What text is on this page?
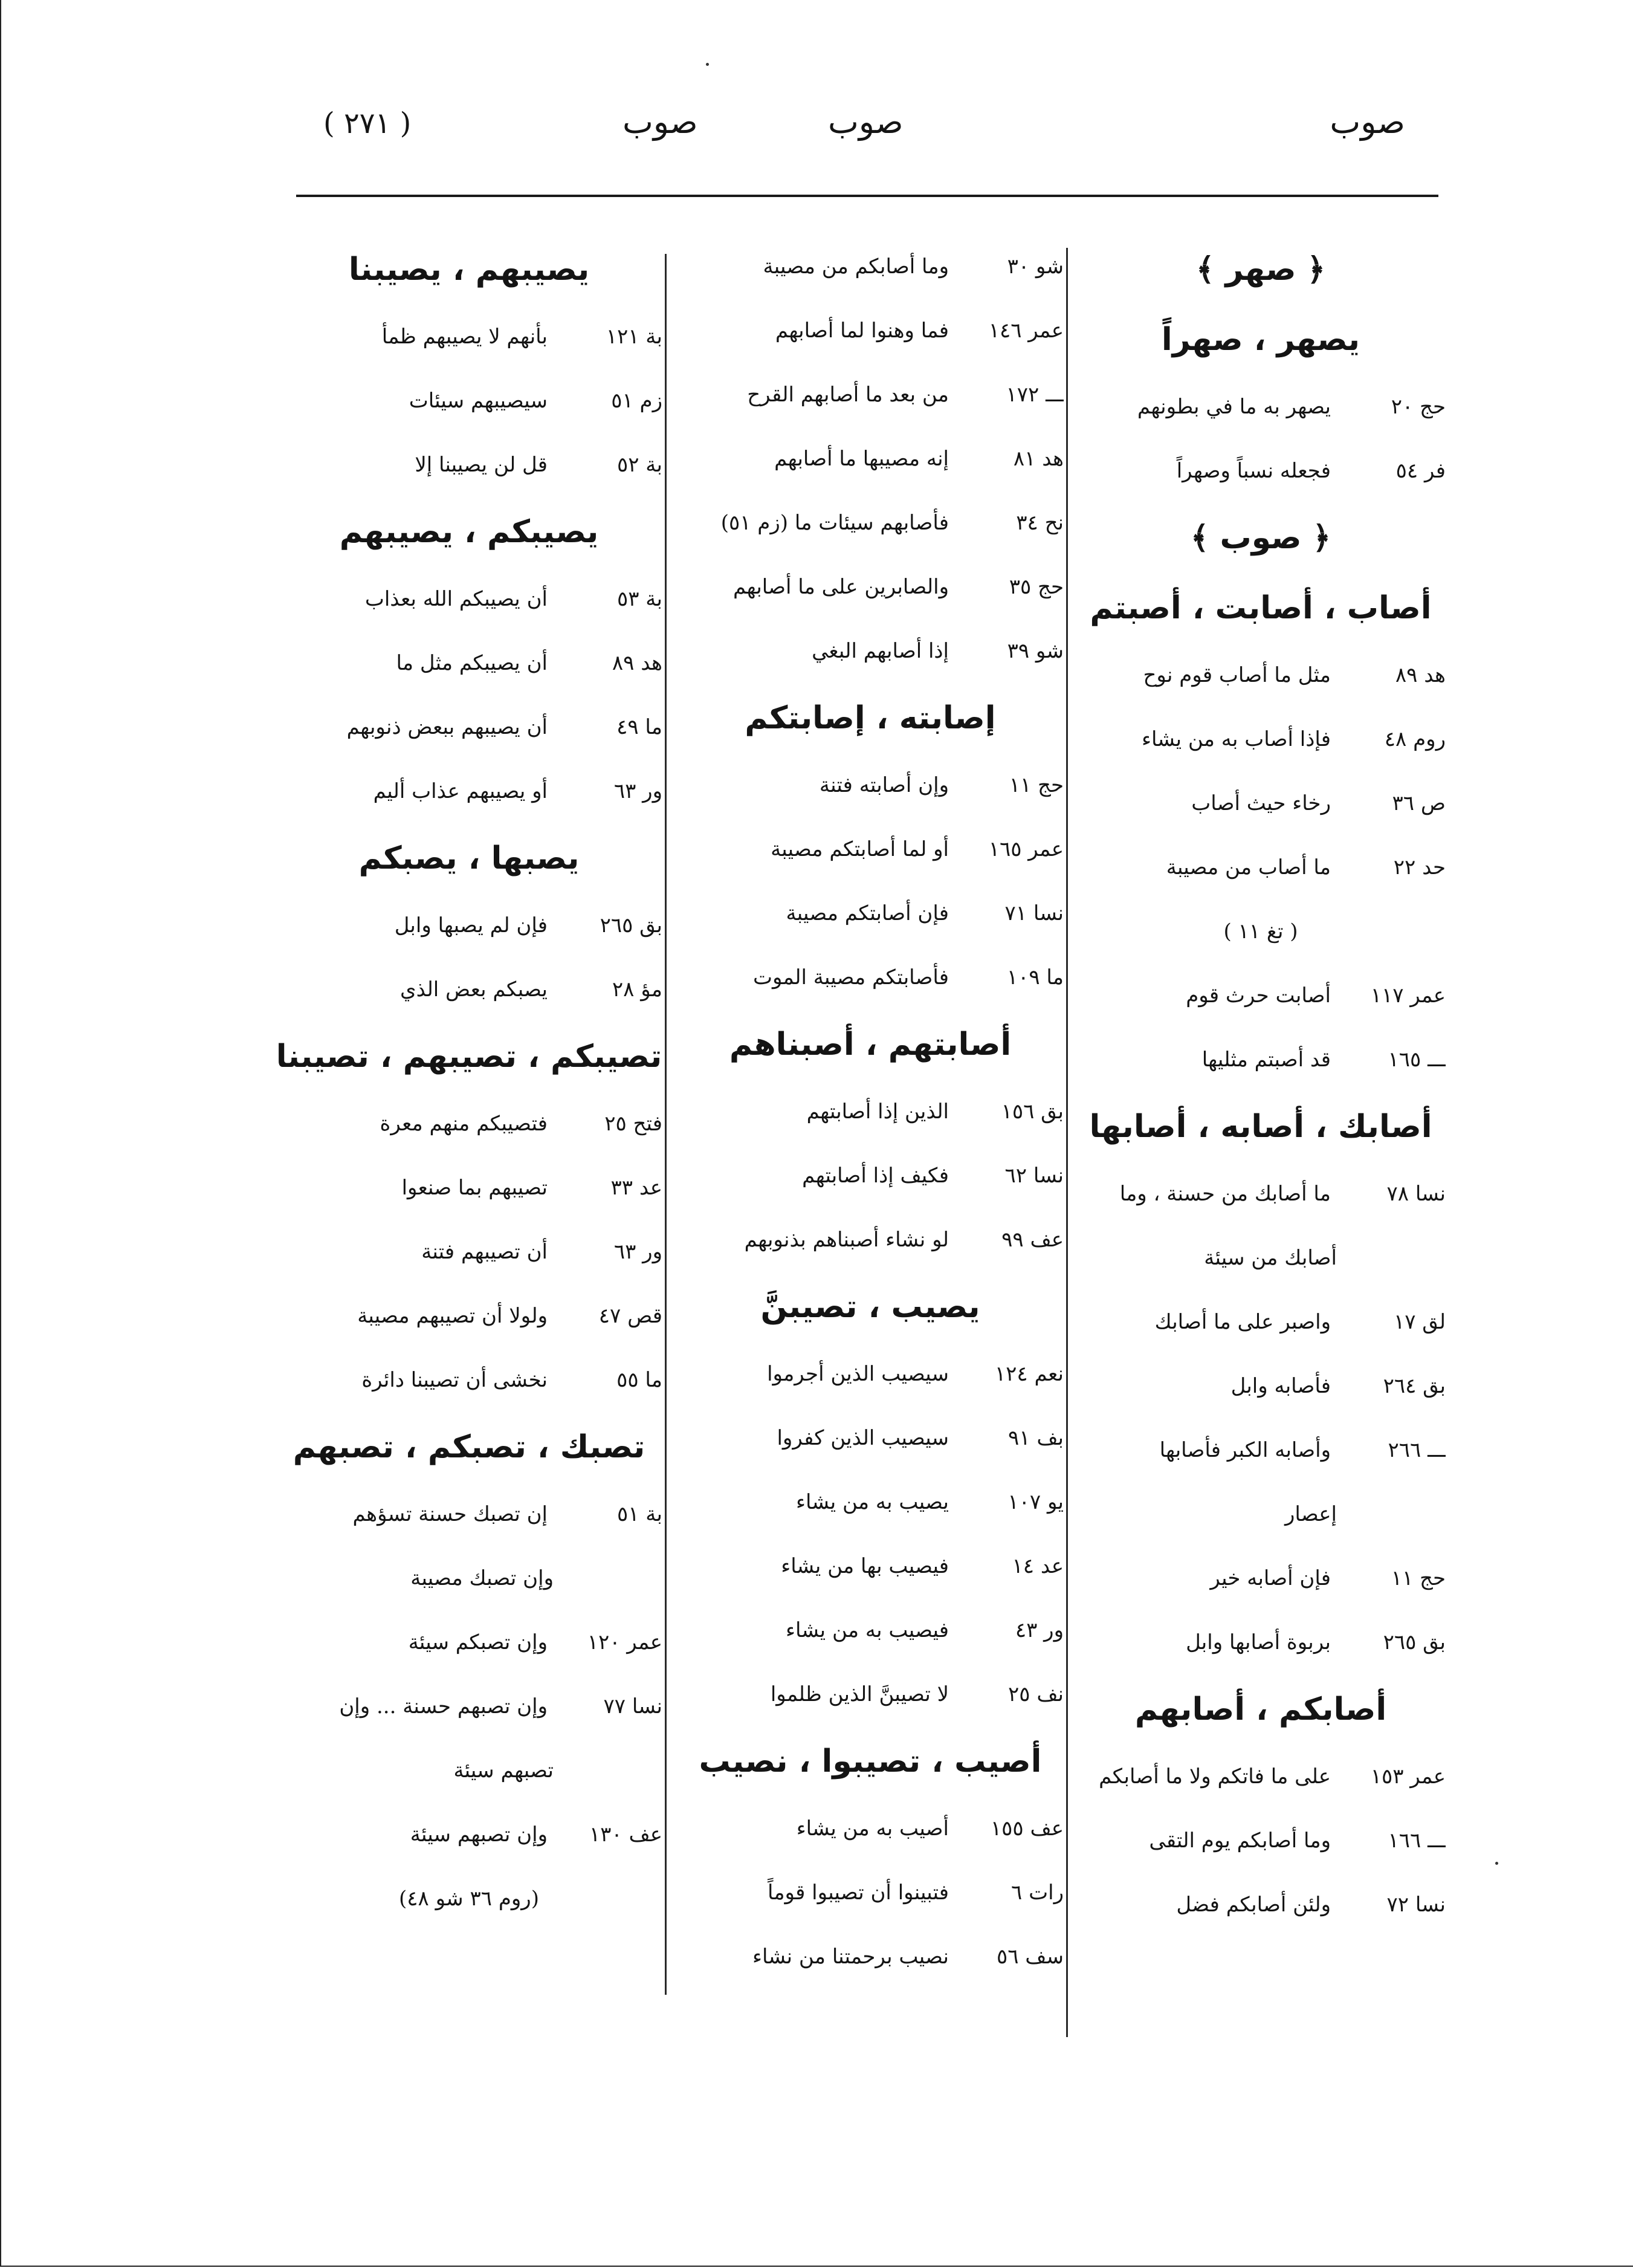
( ٢٧١ )	صوب	صوب	صوب
﴿ صهر ﴾
يصهر ، صهراً
حج ٢٠يصهر به ما في بطونهم
فر ٥٤فجعله نسباً وصهراً
﴿ صوب ﴾
أصاب ، أصابت ، أصبتم
هد ٨٩مثل ما أصاب قوم نوح
روم ٤٨فإذا أصاب به من يشاء
ص ٣٦رخاء حيث أصاب
حد ٢٢ما أصاب من مصيبة
( تغ ١١ )
عمر ١١٧أصابت حرث قوم
ـــ ١٦٥قد أصبتم مثليها
أصابك ، أصابه ، أصابها
نسا ٧٨ما أصابك من حسنة ، وما
أصابك من سيئة
لق ١٧واصبر على ما أصابك
بق ٢٦٤فأصابه وابل
ـــ ٢٦٦وأصابه الكبر فأصابها
إعصار
حج ١١فإن أصابه خير
بق ٢٦٥بربوة أصابها وابل
أصابكم ، أصابهم
عمر ١٥٣على ما فاتكم ولا ما أصابكم
ـــ ١٦٦وما أصابكم يوم التقى
نسا ٧٢ولئن أصابكم فضل
شو ٣٠وما أصابكم من مصيبة
عمر ١٤٦فما وهنوا لما أصابهم
ـــ ١٧٢من بعد ما أصابهم القرح
هد ٨١إنه مصيبها ما أصابهم
نح ٣٤فأصابهم سيئات ما (زم ٥١)
حج ٣٥والصابرين على ما أصابهم
شو ٣٩إذا أصابهم البغي
إصابته ، إصابتكم
حج ١١وإن أصابته فتنة
عمر ١٦٥أو لما أصابتكم مصيبة
نسا ٧١فإن أصابتكم مصيبة
ما ١٠٩فأصابتكم مصيبة الموت
أصابتهم ، أصبناهم
بق ١٥٦الذين إذا أصابتهم
نسا ٦٢فكيف إذا أصابتهم
عف ٩٩لو نشاء أصبناهم بذنوبهم
يصيب ، تصيبنَّ
نعم ١٢٤سيصيب الذين أجرموا
بف ٩١سيصيب الذين كفروا
يو ١٠٧يصيب به من يشاء
عد ١٤فيصيب بها من يشاء
ور ٤٣فيصيب به من يشاء
نف ٢٥لا تصيبنَّ الذين ظلموا
أصيب ، تصيبوا ، نصيب
عف ١٥٥أصيب به من يشاء
رات ٦فتبينوا أن تصيبوا قوماً
سف ٥٦نصيب برحمتنا من نشاء
يصيبهم ، يصيبنا
بة ١٢١بأنهم لا يصيبهم ظمأ
زم ٥١سيصيبهم سيئات
بة ٥٢قل لن يصيبنا إلا
يصيبكم ، يصيبهم
بة ٥٣أن يصيبكم الله بعذاب
هد ٨٩أن يصيبكم مثل ما
ما ٤٩أن يصيبهم ببعض ذنوبهم
ور ٦٣أو يصيبهم عذاب أليم
يصبها ، يصبكم
بق ٢٦٥فإن لم يصبها وابل
مؤ ٢٨يصبكم بعض الذي
تصيبكم ، تصيبهم ، تصيبنا
فتح ٢٥فتصيبكم منهم معرة
عد ٣٣تصيبهم بما صنعوا
ور ٦٣أن تصيبهم فتنة
قص ٤٧ولولا أن تصيبهم مصيبة
ما ٥٥نخشى أن تصيبنا دائرة
تصبك ، تصبكم ، تصبهم
بة ٥١إن تصبك حسنة تسؤهم
وإن تصبك مصيبة
عمر ١٢٠وإن تصبكم سيئة
نسا ٧٧وإن تصبهم حسنة ... وإن
تصبهم سيئة
عف ١٣٠وإن تصبهم سيئة
(روم ٣٦ شو ٤٨)
